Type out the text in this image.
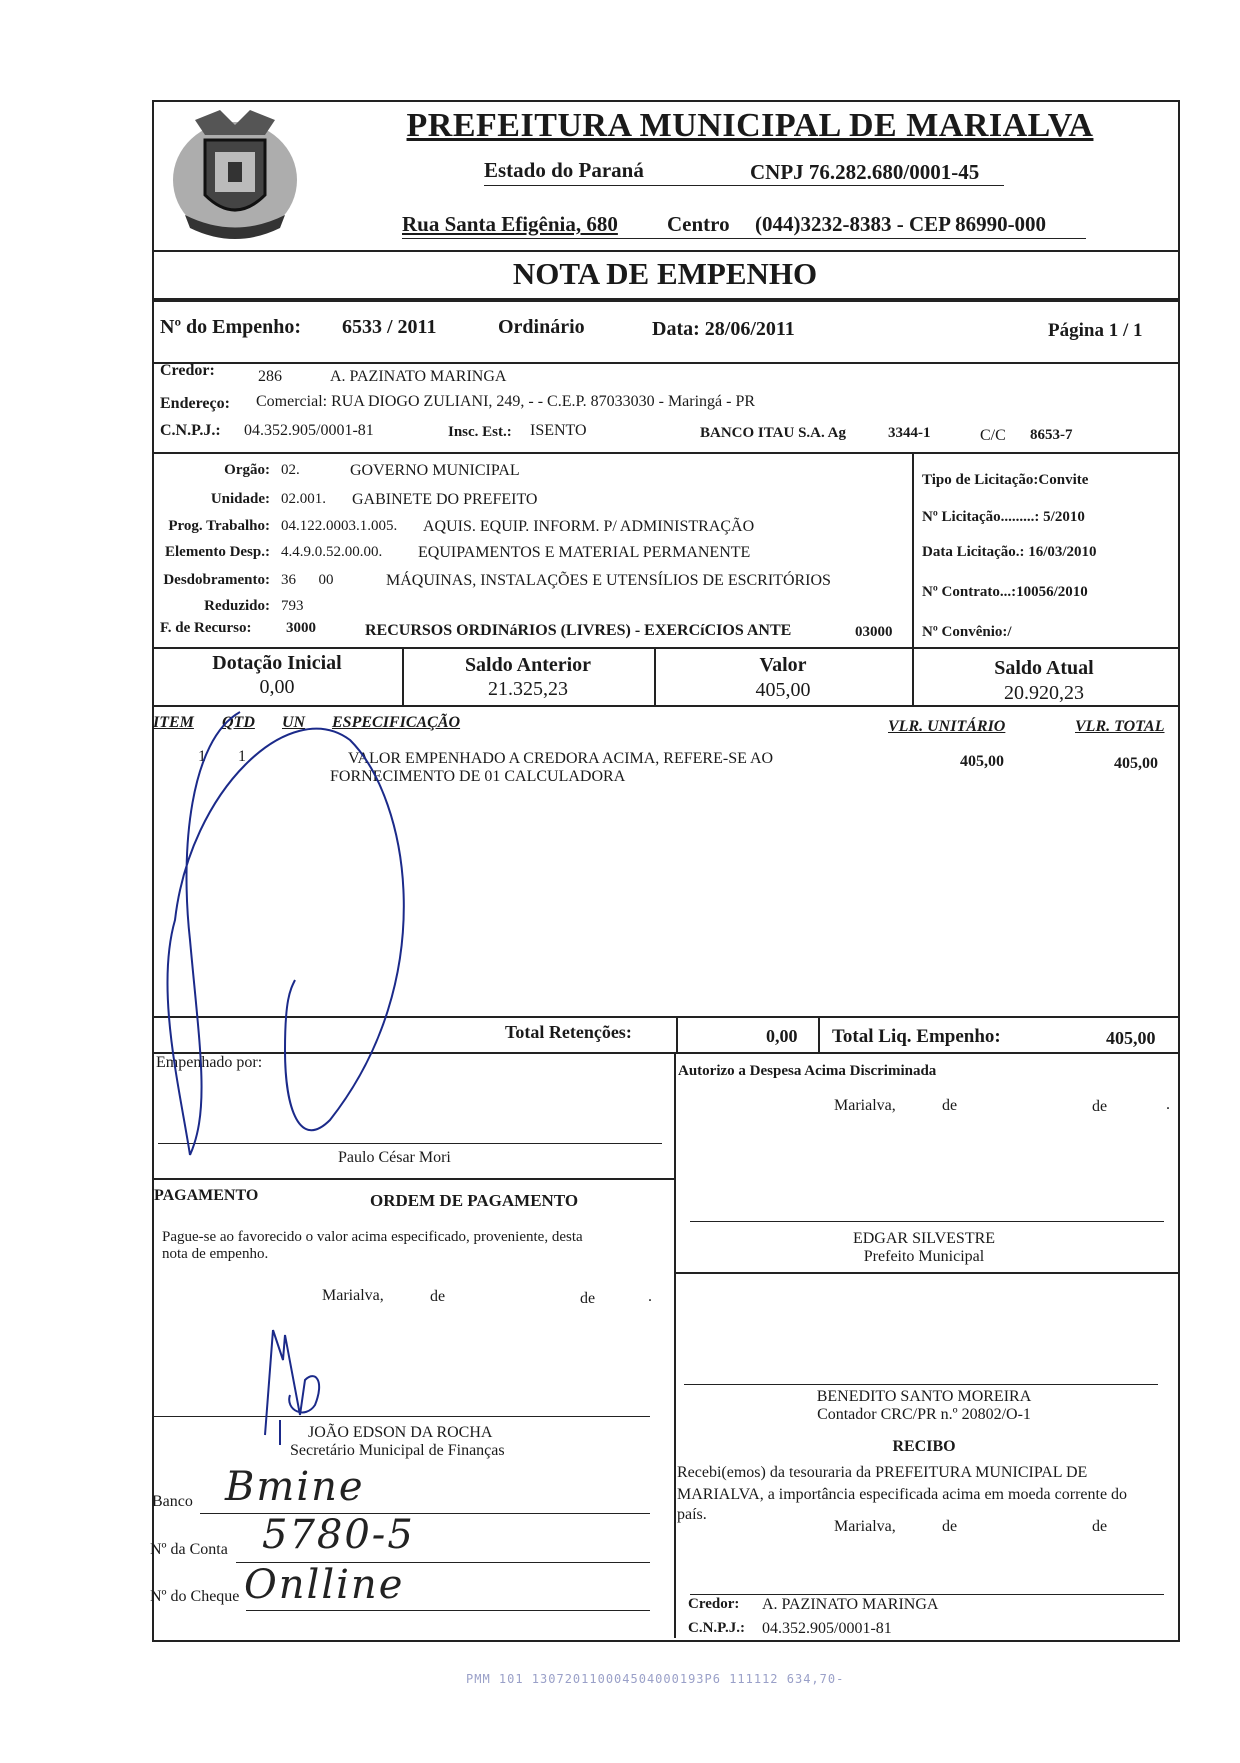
PREFEITURA MUNICIPAL DE MARIALVA
Estado do Paraná	CNPJ 76.282.680/0001-45
Rua Santa Efigênia, 680 Centro (044)3232-8383 - CEP 86990-000
NOTA DE EMPENHO
Nº do Empenho: 6533 / 2011	Ordinário	Data: 28/06/2011	Página 1 / 1
Credor:	286	A. PAZINATO MARINGA
Endereço: Comercial: RUA DIOGO ZULIANI, 249, - - C.E.P. 87033030 - Maringá - PR
C.N.P.J.: 04.352.905/0001-81	Insc. Est.: ISENTO	BANCO ITAU S.A. Ag	3344-1	C/C 8653-7
Orgão: 02.	GOVERNO MUNICIPAL
Unidade: 02.001. GABINETE DO PREFEITO
Prog. Trabalho: 04.122.0003.1.005. AQUIS. EQUIP. INFORM. P/ ADMINISTRAÇÃO
Elemento Desp.: 4.4.9.0.52.00.00. EQUIPAMENTOS E MATERIAL PERMANENTE
Desdobramento: 36      00	MÁQUINAS, INSTALAÇÕES E UTENSÍLIOS DE ESCRITÓRIOS
Reduzido: 793
F. de Recurso: 3000	RECURSOS ORDINáRIOS (LIVRES) - EXERCíCIOS ANTE	03000
Tipo de Licitação:Convite
Nº Licitação.........: 5/2010
Data Licitação.: 16/03/2010
Nº Contrato...:10056/2010
Nº Convênio:/
Dotação Inicial
0,00
Saldo Anterior
21.325,23
Valor
405,00
Saldo Atual
20.920,23
ITEM QTD UN ESPECIFICAÇÃO	VLR. UNITÁRIO	VLR. TOTAL
1 1	VALOR EMPENHADO A CREDORA ACIMA, REFERE-SE AO
FORNECIMENTO DE 01 CALCULADORA
405,00	405,00
Total Retenções:	0,00 Total Liq. Empenho:	405,00
Empenhado por:
Paulo César Mori
Autorizo a Despesa Acima Discriminada
Marialva,	de	de	.
PAGAMENTO	ORDEM DE PAGAMENTO
Pague-se ao favorecido o valor acima especificado, proveniente, desta
nota de empenho.
Marialva,	de	de	.
JOÃO EDSON DA ROCHA
Secretário Municipal de Finanças
Banco Bmine
Nº da Conta 5780-5
Nº do Cheque Onlline
EDGAR SILVESTRE
Prefeito Municipal
BENEDITO SANTO MOREIRA
Contador CRC/PR n.º 20802/O-1
RECIBO
Recebi(emos) da tesouraria da PREFEITURA MUNICIPAL DE
MARIALVA, a importância especificada acima em moeda corrente do
país.
Marialva,	de	de
Credor: A. PAZINATO MARINGA
C.N.P.J.: 04.352.905/0001-81
PMM 101 130720110004504000193P6 111112 634,70-
